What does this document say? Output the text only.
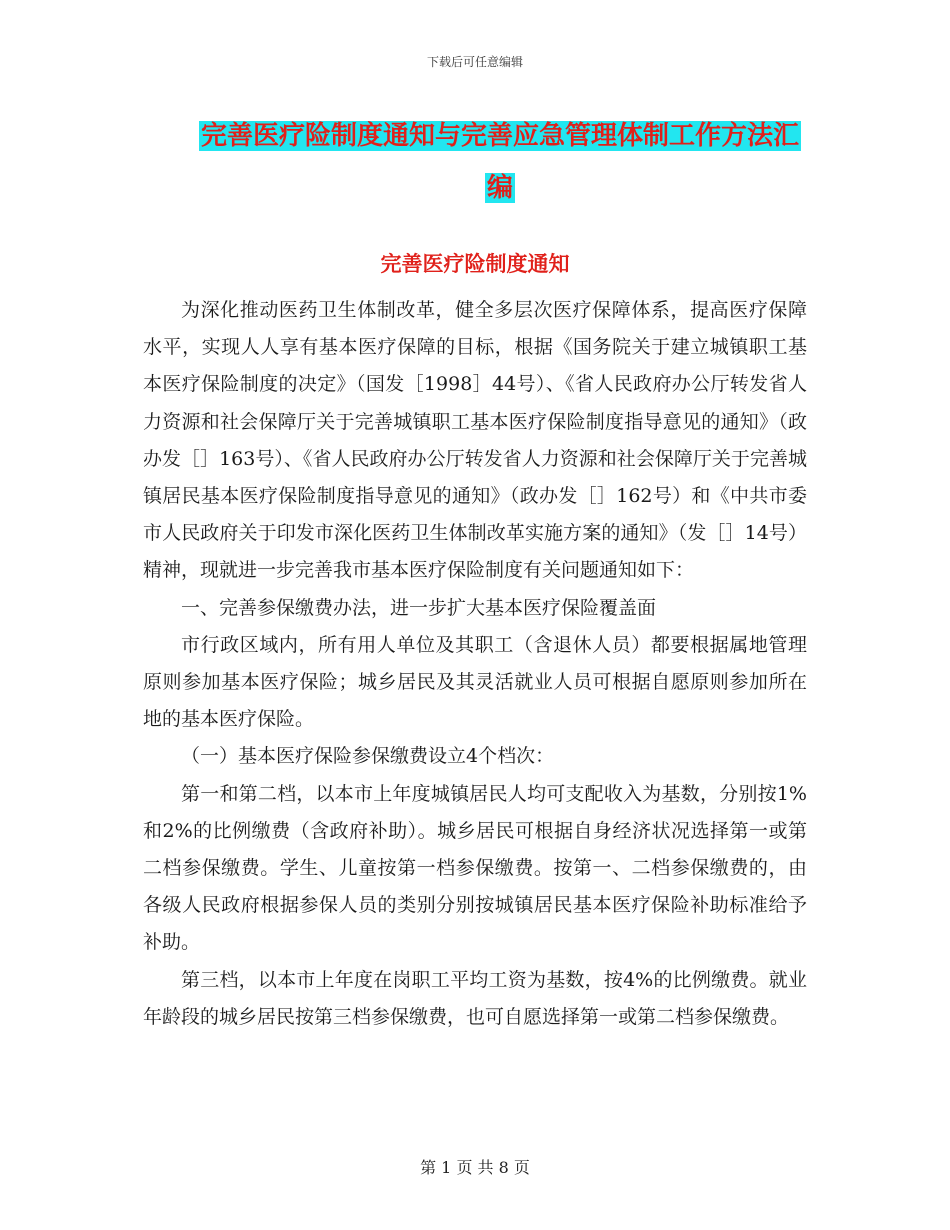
下载后可任意编辑
完善医疗险制度通知与完善应急管理体制工作方法汇
编
完善医疗险制度通知

为深化推动医药卫生体制改革，健全多层次医疗保障体系，提高医疗保障水平，实现人人享有基本医疗保障的目标，根据《国务院关于建立城镇职工基本医疗保险制度的决定》（国发［1998］44号）、《省人民政府办公厅转发省人力资源和社会保障厅关于完善城镇职工基本医疗保险制度指导意见的通知》（政办发［］163号）、《省人民政府办公厅转发省人力资源和社会保障厅关于完善城镇居民基本医疗保险制度指导意见的通知》（政办发［］162号）和《中共市委市人民政府关于印发市深化医药卫生体制改革实施方案的通知》（发［］14号）精神，现就进一步完善我市基本医疗保险制度有关问题通知如下：

一、完善参保缴费办法，进一步扩大基本医疗保险覆盖面

市行政区域内，所有用人单位及其职工（含退休人员）都要根据属地管理原则参加基本医疗保险；城乡居民及其灵活就业人员可根据自愿原则参加所在地的基本医疗保险。

（一）基本医疗保险参保缴费设立4个档次：

第一和第二档，以本市上年度城镇居民人均可支配收入为基数，分别按1%和2%的比例缴费（含政府补助）。城乡居民可根据自身经济状况选择第一或第二档参保缴费。学生、儿童按第一档参保缴费。按第一、二档参保缴费的，由各级人民政府根据参保人员的类别分别按城镇居民基本医疗保险补助标准给予补助。

第三档，以本市上年度在岗职工平均工资为基数，按4%的比例缴费。就业年龄段的城乡居民按第三档参保缴费，也可自愿选择第一或第二档参保缴费。

第 1 页 共 8 页
